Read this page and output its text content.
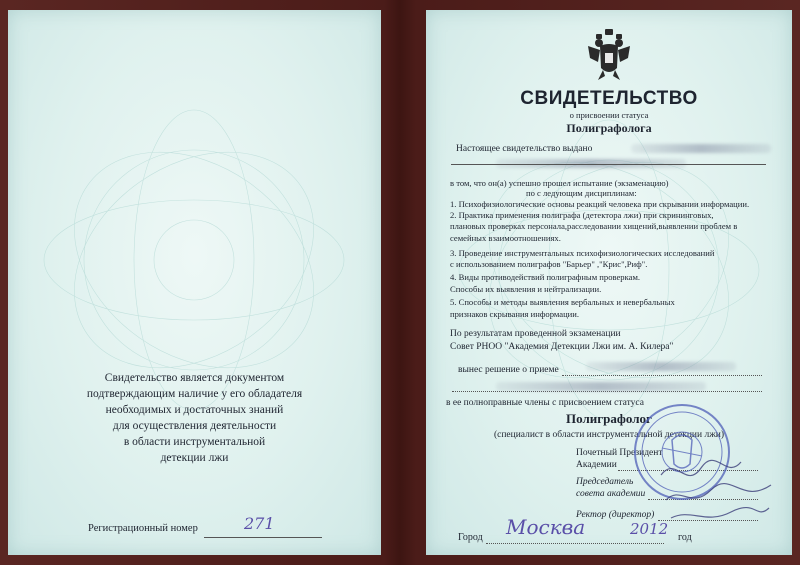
Свидетельство является документом
подтверждающим наличие у его обладателя
необходимых и достаточных знаний
для осуществления деятельности
в области инструментальной
детекции лжи
Регистрационный номер	271
СВИДЕТЕЛЬСТВО
о присвоении статуса
Полиграфолога
Настоящее свидетельство выдано
в том, что он(а) успешно прошел испытание (экзаменацию)
по с ледующим дисциплинам:
1. Психофизиологические основы реакций человека при скрывании информации.
2. Практика применения полиграфа (детектора лжи) при скрининговых,
плановых проверках персонала,расследовании хищений,выявлении проблем в
семейных взаимоотношениях.
3. Проведение инструментальных психофизиологических исследований
с использованием полиграфов "Барьер" ,"Крис",Риф".
4. Виды противодействий полиграфным проверкам.
Способы их выявления и нейтрализации.
5. Способы и методы выявления вербальных и невербальных
признаков скрывания информации.
По результатам проведенной экзаменации
Совет РНОО "Академия Детекции Лжи им. А. Килера"
вынес решение о приеме
в ее полноправные члены с присвоением статуса
Полиграфолог
(специалист в области инструментальной детекции лжи)
Почетный Президент
Академии
Председатель
совета академии
Ректор (директор)
Город Москва	2012 год
